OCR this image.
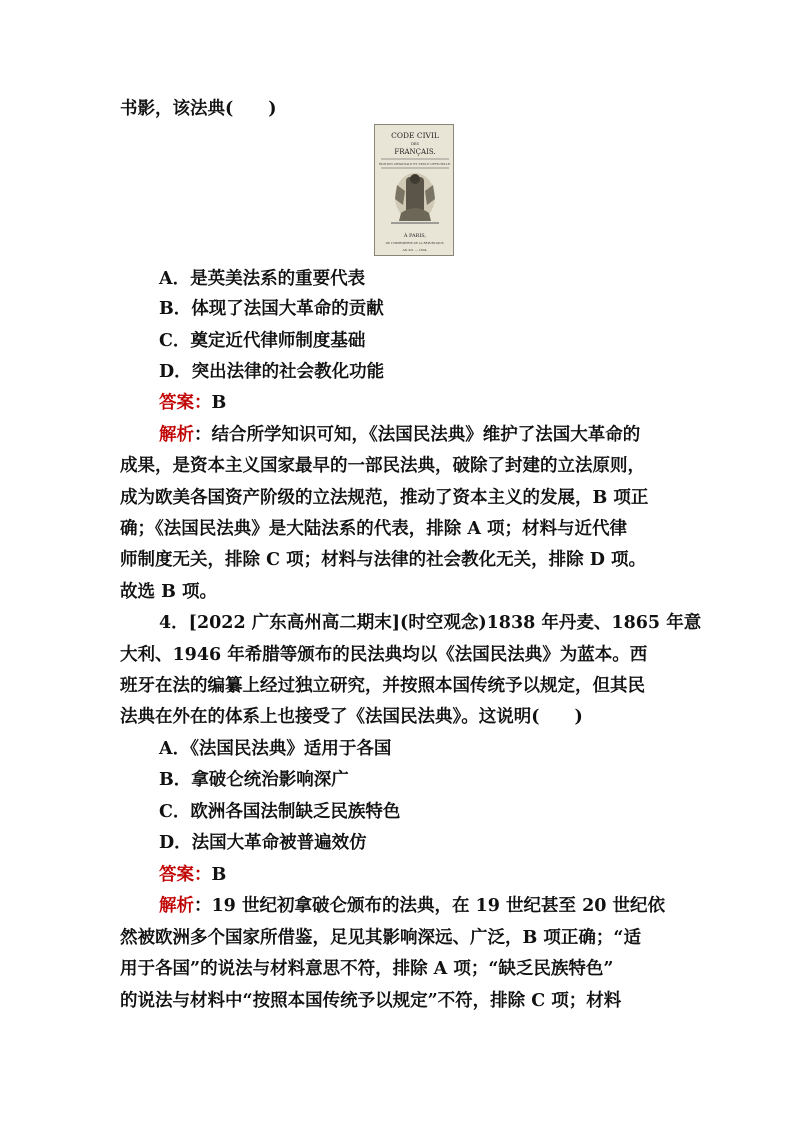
书影，该法典(　　)
CODE CIVIL
DES
FRANÇAIS.
ÉDITION ORIGINALE ET SEULE OFFICIELLE.
À PARIS,
DE L'IMPRIMERIE DE LA RÉPUBLIQUE.
AN XII. — 1804.
A．是英美法系的重要代表
B．体现了法国大革命的贡献
C．奠定近代律师制度基础
D．突出法律的社会教化功能
答案：B
解析：结合所学知识可知，《法国民法典》维护了法国大革命的
成果，是资本主义国家最早的一部民法典，破除了封建的立法原则，
成为欧美各国资产阶级的立法规范，推动了资本主义的发展，B 项正
确；《法国民法典》是大陆法系的代表，排除 A 项；材料与近代律
师制度无关，排除 C 项；材料与法律的社会教化无关，排除 D 项。
故选 B 项。
4．[2022 广东高州高二期末](时空观念)1838 年丹麦、1865 年意
大利、1946 年希腊等颁布的民法典均以《法国民法典》为蓝本。西
班牙在法的编纂上经过独立研究，并按照本国传统予以规定，但其民
法典在外在的体系上也接受了《法国民法典》。这说明(　　)
A．《法国民法典》适用于各国
B．拿破仑统治影响深广
C．欧洲各国法制缺乏民族特色
D．法国大革命被普遍效仿
答案：B
解析：19 世纪初拿破仑颁布的法典，在 19 世纪甚至 20 世纪依
然被欧洲多个国家所借鉴，足见其影响深远、广泛，B 项正确；“适
用于各国”的说法与材料意思不符，排除 A 项；“缺乏民族特色”
的说法与材料中“按照本国传统予以规定”不符，排除 C 项；材料
